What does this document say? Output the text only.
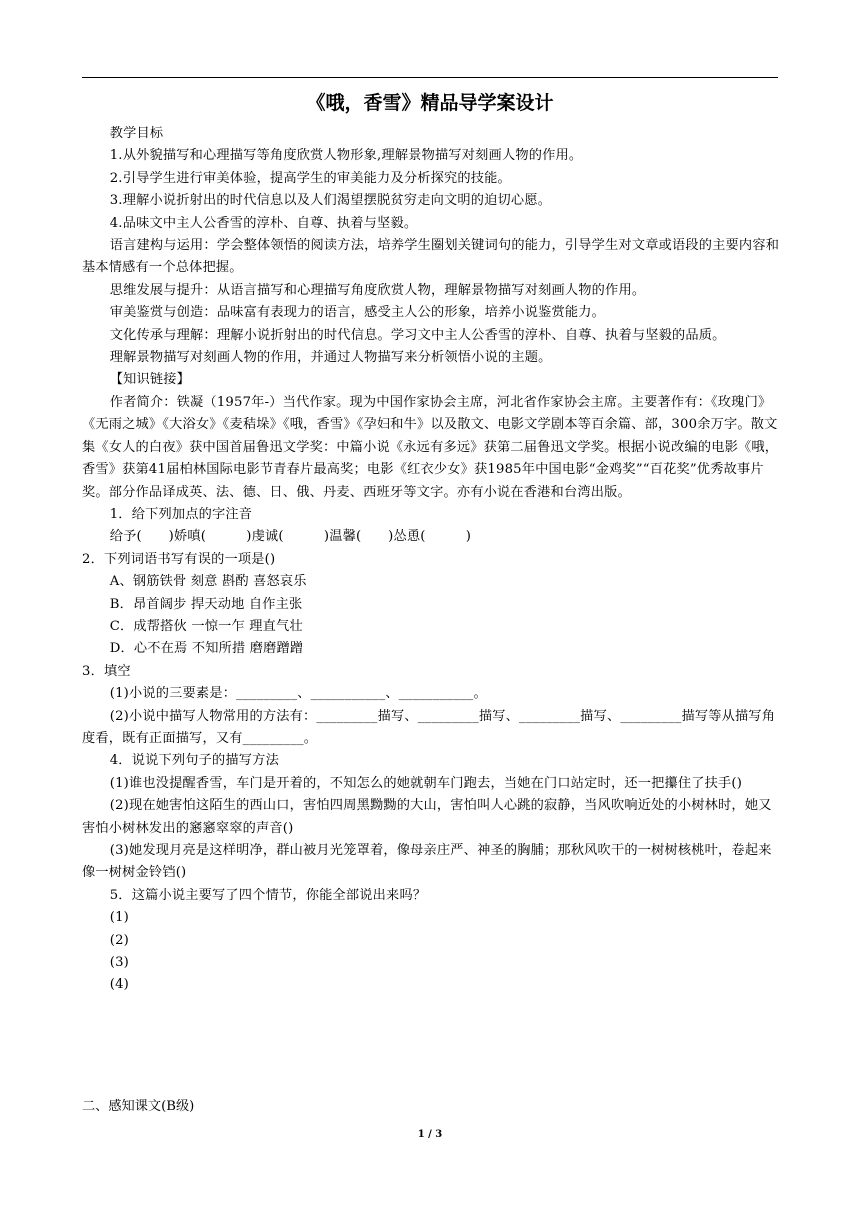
《哦，香雪》精品导学案设计

教学目标

1.从外貌描写和心理描写等角度欣赏人物形象,理解景物描写对刻画人物的作用。

2.引导学生进行审美体验，提高学生的审美能力及分析探究的技能。

3.理解小说折射出的时代信息以及人们渴望摆脱贫穷走向文明的迫切心愿。

4.品味文中主人公香雪的淳朴、自尊、执着与坚毅。

语言建构与运用：学会整体领悟的阅读方法，培养学生圈划关键词句的能力，引导学生对文章或语段的主要内容和基本情感有一个总体把握。

思维发展与提升：从语言描写和心理描写角度欣赏人物，理解景物描写对刻画人物的作用。

审美鉴赏与创造：品味富有表现力的语言，感受主人公的形象，培养小说鉴赏能力。

文化传承与理解：理解小说折射出的时代信息。学习文中主人公香雪的淳朴、自尊、执着与坚毅的品质。

理解景物描写对刻画人物的作用，并通过人物描写来分析领悟小说的主题。

【知识链接】

作者简介：铁凝（1957年-）当代作家。现为中国作家协会主席，河北省作家协会主席。主要著作有：《玫瑰门》《无雨之城》《大浴女》《麦秸垛》《哦，香雪》《孕妇和牛》以及散文、电影文学剧本等百余篇、部，300余万字。散文集《女人的白夜》获中国首届鲁迅文学奖：中篇小说《永远有多远》获第二届鲁迅文学奖。根据小说改编的电影《哦，香雪》获第41届柏林国际电影节青春片最高奖；电影《红衣少女》获1985年中国电影“金鸡奖”“百花奖”优秀故事片奖。部分作品译成英、法、德、日、俄、丹麦、西班牙等文字。亦有小说在香港和台湾出版。

1．给下列加点的字注音

给予(　　)娇嗔(　　　)虔诚(　　　)温馨(　　)怂恿(　　　)

2．下列词语书写有误的一项是()

A、钢筋铁骨 刻意 斟酌 喜怒哀乐

B．昂首阔步 捍天动地 自作主张

C．成帮搭伙 一惊一乍 理直气壮

D．心不在焉 不知所措 磨磨蹭蹭

3．填空

(1)小说的三要素是：_________、___________、___________。

(2)小说中描写人物常用的方法有：_________描写、_________描写、_________描写、_________描写等从描写角度看，既有正面描写，又有_________。

4．说说下列句子的描写方法

(1)谁也没提醒香雪，车门是开着的，不知怎么的她就朝车门跑去，当她在门口站定时，还一把攥住了扶手()

(2)现在她害怕这陌生的西山口，害怕四周黑黝黝的大山，害怕叫人心跳的寂静，当风吹响近处的小树林时，她又害怕小树林发出的窸窸窣窣的声音()

(3)她发现月亮是这样明净，群山被月光笼罩着，像母亲庄严、神圣的胸脯；那秋风吹干的一树树核桃叶，卷起来像一树树金铃铛()

5．这篇小说主要写了四个情节，你能全部说出来吗？

(1)

(2)

(3)

(4)

二、感知课文(B级)

1 / 3
